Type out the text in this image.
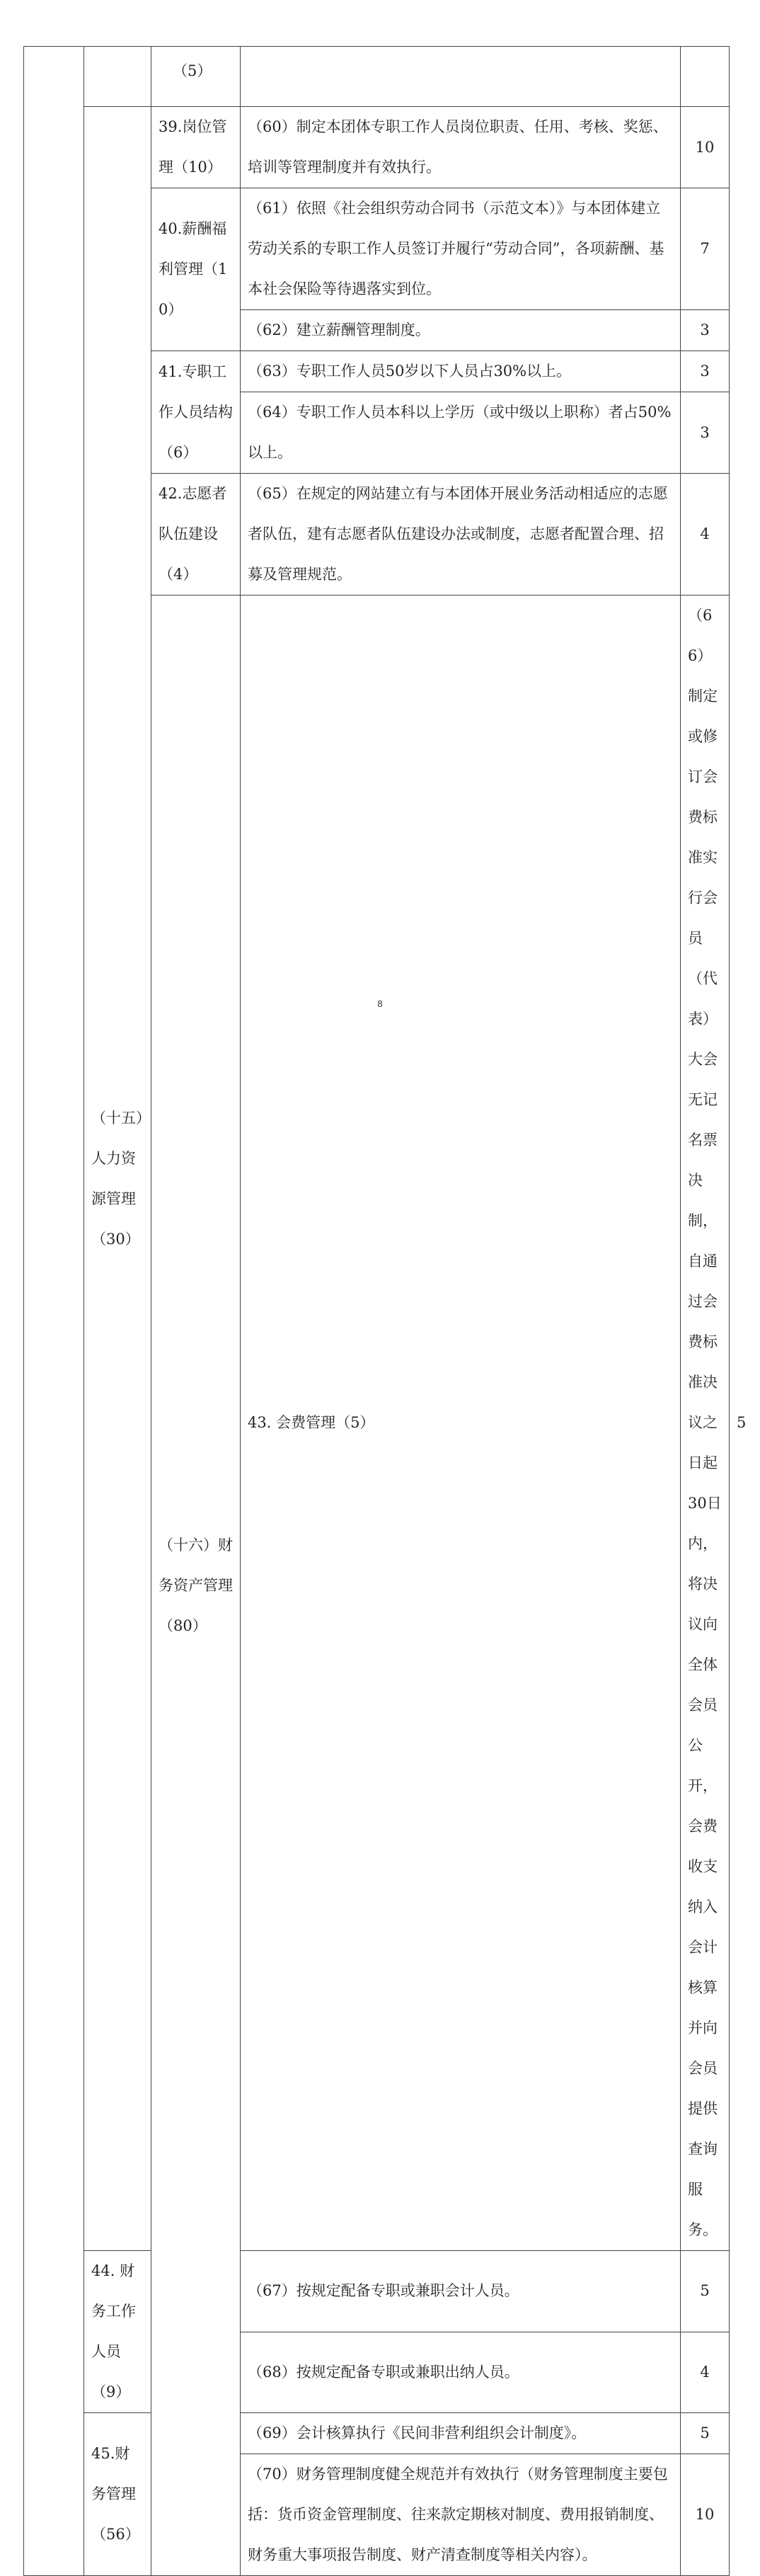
		（5）			
	（十五）人力资源管理（30）	39.岗位管理（10）	（60）制定本团体专职工作人员岗位职责、任用、考核、奖惩、培训等管理制度并有效执行。	10	
		40.薪酬福利管理（10）	（61）依照《社会组织劳动合同书（示范文本）》与本团体建立劳动关系的专职工作人员签订并履行“劳动合同”，各项薪酬、基本社会保险等待遇落实到位。	7	
			（62）建立薪酬管理制度。	3	
		41.专职工作人员结构（6）	（63）专职工作人员50岁以下人员占30%以上。	3	
			（64）专职工作人员本科以上学历（或中级以上职称）者占50%以上。	3	
		42.志愿者队伍建设（4）	（65）在规定的网站建立有与本团体开展业务活动相适应的志愿者队伍，建有志愿者队伍建设办法或制度，志愿者配置合理、招募及管理规范。	4	
		（十六）财务资产管理（80）	43. 会费管理（5）	（66）制定或修订会费标准实行会员（代表）大会无记名票决制，自通过会费标准决议之日起30日内，将决议向全体会员公开，会费收支纳入会计核算并向会员提供查询服务。	5
	44. 财务工作人员（9）		（67）按规定配备专职或兼职会计人员。	5	
			（68）按规定配备专职或兼职出纳人员。	4	
	45.财务管理（56）		（69）会计核算执行《民间非营利组织会计制度》。	5	
			（70）财务管理制度健全规范并有效执行（财务管理制度主要包括：货币资金管理制度、往来款定期核对制度、费用报销制度、财务重大事项报告制度、财产清查制度等相关内容）。	10	
8
